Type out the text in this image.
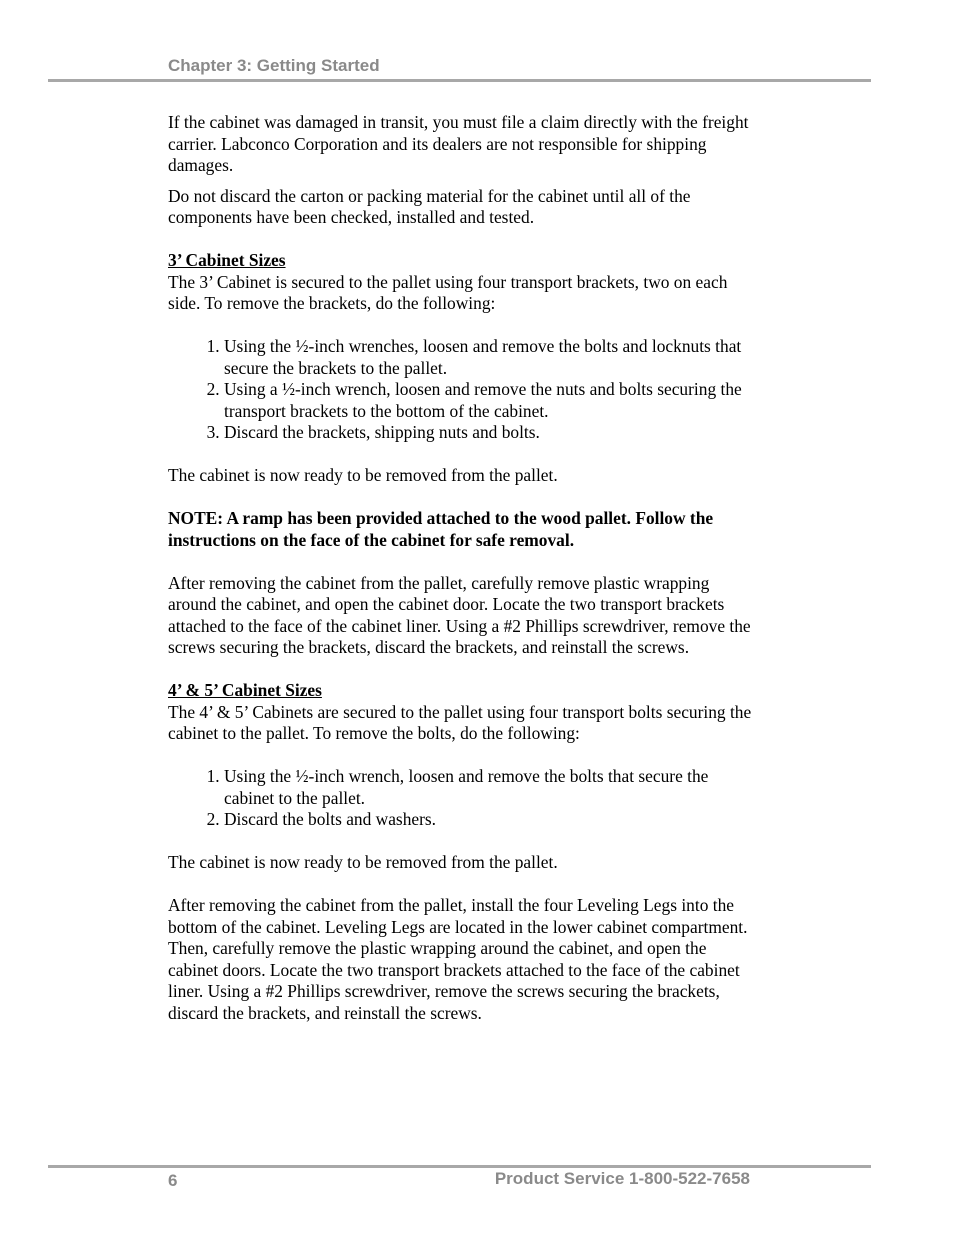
Chapter 3: Getting Started

If the cabinet was damaged in transit, you must file a claim directly with the freight carrier. Labconco Corporation and its dealers are not responsible for shipping damages.

Do not discard the carton or packing material for the cabinet until all of the components have been checked, installed and tested.

3’ Cabinet Sizes

The 3’ Cabinet is secured to the pallet using four transport brackets, two on each side. To remove the brackets, do the following:

1. Using the ½-inch wrenches, loosen and remove the bolts and locknuts that secure the brackets to the pallet.
2. Using a ½-inch wrench, loosen and remove the nuts and bolts securing the transport brackets to the bottom of the cabinet.
3. Discard the brackets, shipping nuts and bolts.

The cabinet is now ready to be removed from the pallet.

NOTE: A ramp has been provided attached to the wood pallet. Follow the instructions on the face of the cabinet for safe removal.

After removing the cabinet from the pallet, carefully remove plastic wrapping around the cabinet, and open the cabinet door. Locate the two transport brackets attached to the face of the cabinet liner. Using a #2 Phillips screwdriver, remove the screws securing the brackets, discard the brackets, and reinstall the screws.

4’ & 5’ Cabinet Sizes

The 4’ & 5’ Cabinets are secured to the pallet using four transport bolts securing the cabinet to the pallet. To remove the bolts, do the following:

1. Using the ½-inch wrench, loosen and remove the bolts that secure the cabinet to the pallet.
2. Discard the bolts and washers.

The cabinet is now ready to be removed from the pallet.

After removing the cabinet from the pallet, install the four Leveling Legs into the bottom of the cabinet. Leveling Legs are located in the lower cabinet compartment. Then, carefully remove the plastic wrapping around the cabinet, and open the cabinet doors. Locate the two transport brackets attached to the face of the cabinet liner. Using a #2 Phillips screwdriver, remove the screws securing the brackets, discard the brackets, and reinstall the screws.

6	Product Service 1-800-522-7658
